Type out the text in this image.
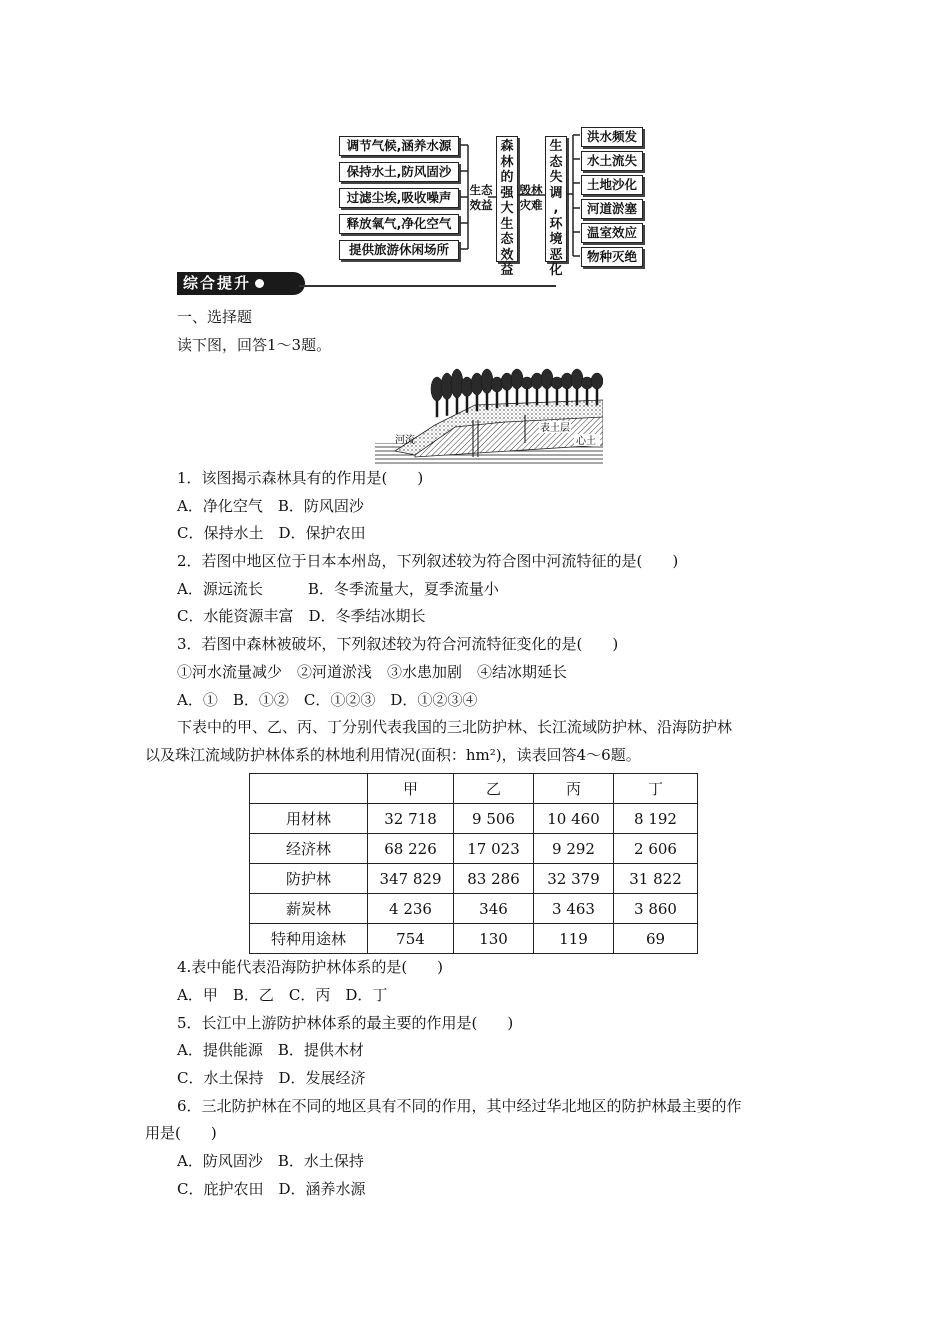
调节气候,涵养水源
保持水土,防风固沙
过滤尘埃,吸收噪声
释放氧气,净化空气
提供旅游休闲场所
生态
效益
森
林
的
强
大
生
态
效
益
毁林
灾难
生
态
失
调
,
环
境
恶
化
洪水频发
水土流失
土地沙化
河道淤塞
温室效应
物种灭绝
综合提升
一、选择题
读下图，回答1～3题。
表土层
心土
河流
1．该图揭示森林具有的作用是(　　)
A．净化空气　B．防风固沙
C．保持水土　D．保护农田
2．若图中地区位于日本本州岛，下列叙述较为符合图中河流特征的是(　　)
A．源远流长　　　B．冬季流量大，夏季流量小
C．水能资源丰富　D．冬季结冰期长
3．若图中森林被破坏，下列叙述较为符合河流特征变化的是(　　)
①河水流量减少　②河道淤浅　③水患加剧　④结冰期延长
A．①　B．①②　C．①②③　D．①②③④
下表中的甲、乙、丙、丁分别代表我国的三北防护林、长江流域防护林、沿海防护林
以及珠江流域防护林体系的林地利用情况(面积：hm²)，读表回答4～6题。
	甲	乙	丙	丁
用材林	32 718	9 506	10 460	8 192
经济林	68 226	17 023	9 292	2 606
防护林	347 829	83 286	32 379	31 822
薪炭林	4 236	346	3 463	3 860
特种用途林	754	130	119	69
4.表中能代表沿海防护林体系的是(　　)
A．甲　B．乙　C．丙　D．丁
5．长江中上游防护林体系的最主要的作用是(　　)
A．提供能源　B．提供木材
C．水土保持　D．发展经济
6．三北防护林在不同的地区具有不同的作用，其中经过华北地区的防护林最主要的作
用是(　　)
A．防风固沙　B．水土保持
C．庇护农田　D．涵养水源
